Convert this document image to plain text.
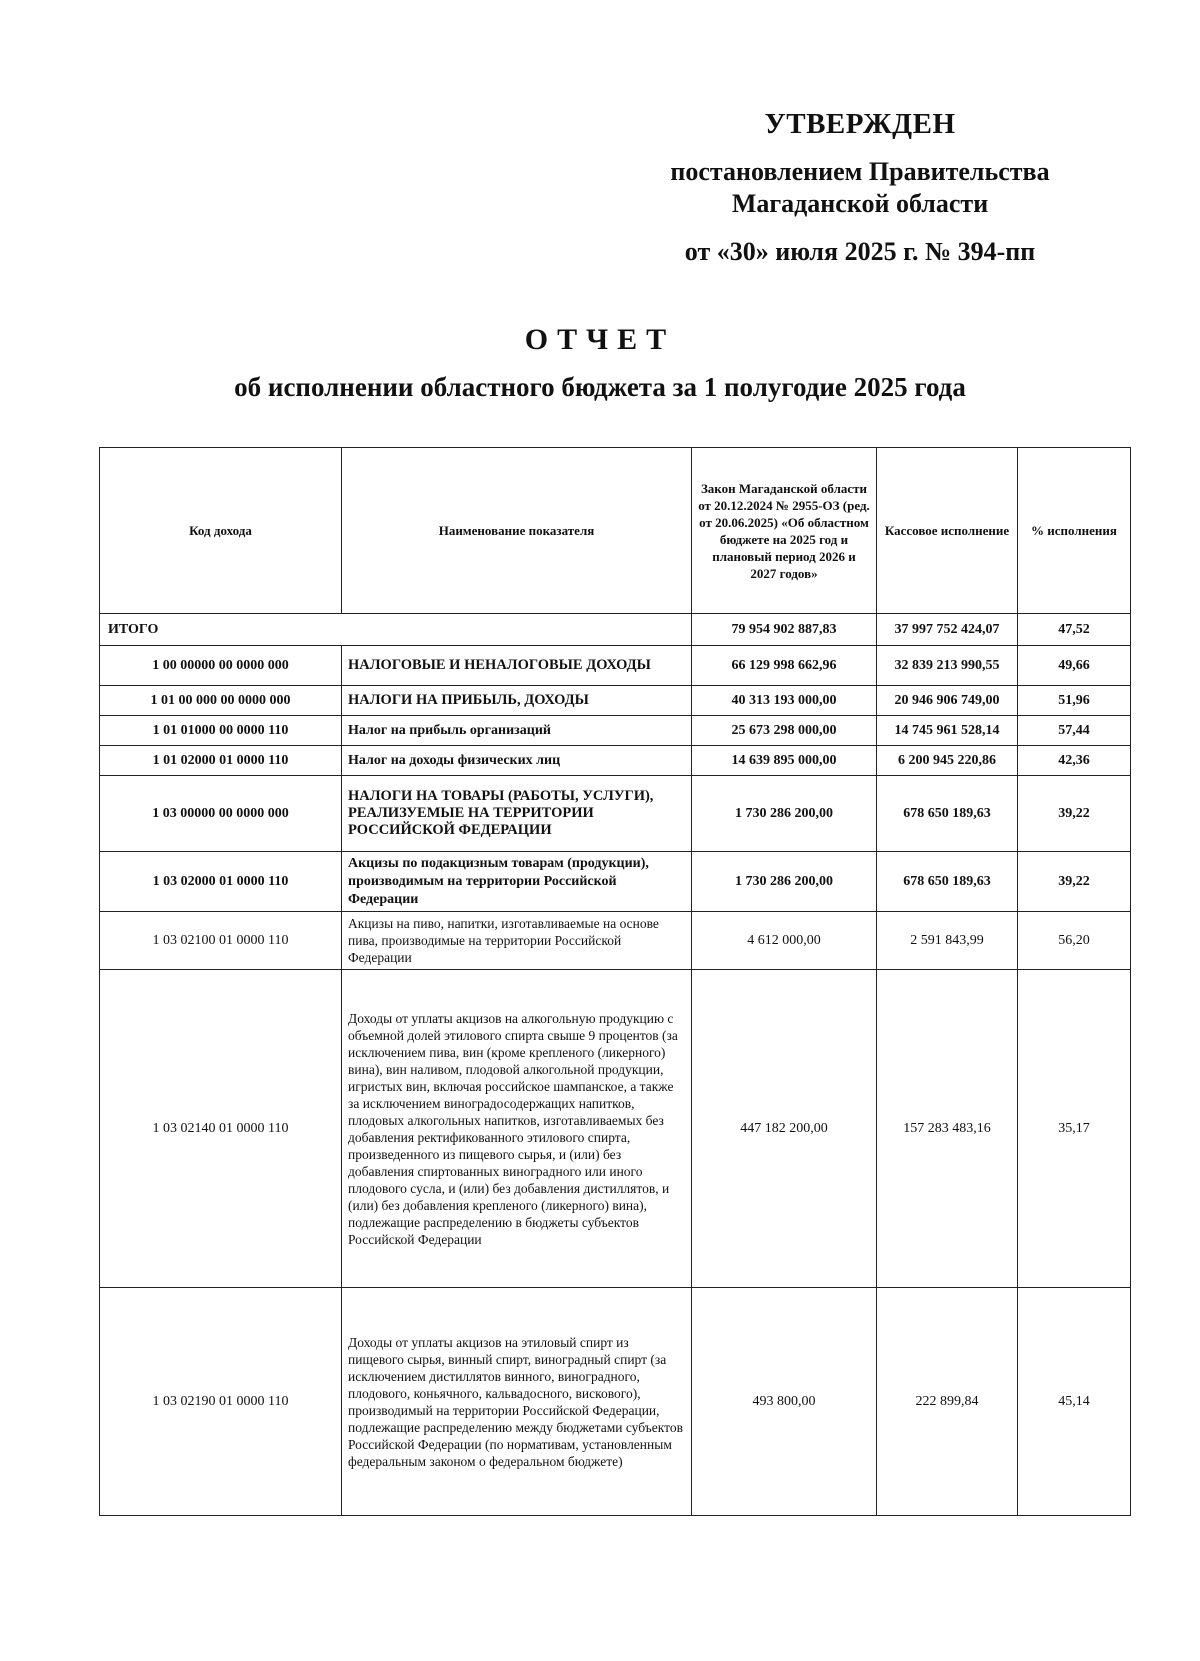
УТВЕРЖДЕН
постановлением Правительства
Магаданской области
от «30» июля 2025 г. № 394-пп
ОТЧЕТ
об исполнении областного бюджета за 1 полугодие 2025 года
Код дохода	Наименование показателя	Закон Магаданской области от 20.12.2024 № 2955-ОЗ (ред. от 20.06.2025) «Об областном бюджете на 2025 год и плановый период 2026 и 2027 годов»	Кассовое исполнение	% исполнения
ИТОГО		79 954 902 887,83	37 997 752 424,07	47,52
1 00 00000 00 0000 000	НАЛОГОВЫЕ И НЕНАЛОГОВЫЕ ДОХОДЫ	66 129 998 662,96	32 839 213 990,55	49,66
1 01 00 000 00 0000 000	НАЛОГИ НА ПРИБЫЛЬ, ДОХОДЫ	40 313 193 000,00	20 946 906 749,00	51,96
1 01 01000 00 0000 110	Налог на прибыль организаций	25 673 298 000,00	14 745 961 528,14	57,44
1 01 02000 01 0000 110	Налог на доходы физических лиц	14 639 895 000,00	6 200 945 220,86	42,36
1 03 00000 00 0000 000	НАЛОГИ НА ТОВАРЫ (РАБОТЫ, УСЛУГИ), РЕАЛИЗУЕМЫЕ НА ТЕРРИТОРИИ РОССИЙСКОЙ ФЕДЕРАЦИИ	1 730 286 200,00	678 650 189,63	39,22
1 03 02000 01 0000 110	Акцизы по подакцизным товарам (продукции), производимым на территории Российской Федерации	1 730 286 200,00	678 650 189,63	39,22
1 03 02100 01 0000 110	Акцизы на пиво, напитки, изготавливаемые на основе пива, производимые на территории Российской Федерации	4 612 000,00	2 591 843,99	56,20
1 03 02140 01 0000 110	Доходы от уплаты акцизов на алкогольную продукцию с объемной долей этилового спирта свыше 9 процентов (за исключением пива, вин (кроме крепленого (ликерного) вина), вин наливом, плодовой алкогольной продукции, игристых вин, включая российское шампанское, а также за исключением виноградосодержащих напитков, плодовых алкогольных напитков, изготавливаемых без добавления ректификованного этилового спирта, произведенного из пищевого сырья, и (или) без добавления спиртованных виноградного или иного плодового сусла, и (или) без добавления дистиллятов, и (или) без добавления крепленого (ликерного) вина), подлежащие распределению в бюджеты субъектов Российской Федерации	447 182 200,00	157 283 483,16	35,17
1 03 02190 01 0000 110	Доходы от уплаты акцизов на этиловый спирт из пищевого сырья, винный спирт, виноградный спирт (за исключением дистиллятов винного, виноградного, плодового, коньячного, кальвадосного, вискового), производимый на территории Российской Федерации, подлежащие распределению между бюджетами субъектов Российской Федерации (по нормативам, установленным федеральным законом о федеральном бюджете)	493 800,00	222 899,84	45,14
